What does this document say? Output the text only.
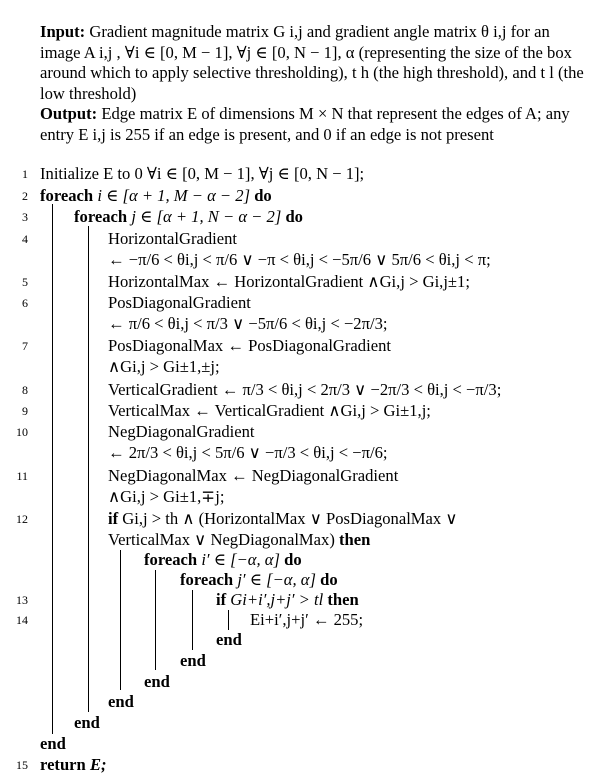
Input: Gradient magnitude matrix G i,j and gradient angle matrix θ i,j for an image A i,j , ∀i ∈ [0, M − 1], ∀j ∈ [0, N − 1], α (representing the size of the box around which to apply selective thresholding), t h (the high threshold), and t l (the low threshold)
Output: Edge matrix E of dimensions M × N that represent the edges of A; any entry E i,j is 255 if an edge is present, and 0 if an edge is not present
1 Initialize E to 0 ∀i ∈ [0, M − 1], ∀j ∈ [0, N − 1];
2 foreach i ∈ [α + 1, M − α − 2] do
3	foreach j ∈ [α + 1, N − α − 2] do
4	HorizontalGradient
← −π/6 < θi,j < π/6 ∨ −π < θi,j < −5π/6 ∨ 5π/6 < θi,j < π;
5	HorizontalMax ← HorizontalGradient ∧Gi,j > Gi,j±1;
6	PosDiagonalGradient
← π/6 < θi,j < π/3 ∨ −5π/6 < θi,j < −2π/3;
7	PosDiagonalMax ← PosDiagonalGradient
∧Gi,j > Gi±1,±j;
8	VerticalGradient ← π/3 < θi,j < 2π/3 ∨ −2π/3 < θi,j < −π/3;
9	VerticalMax ← VerticalGradient ∧Gi,j > Gi±1,j;
10	NegDiagonalGradient
← 2π/3 < θi,j < 5π/6 ∨ −π/3 < θi,j < −π/6;
11	NegDiagonalMax ← NegDiagonalGradient
∧Gi,j > Gi±1,∓j;
12	if Gi,j > th ∧ (HorizontalMax ∨ PosDiagonalMax ∨
VerticalMax ∨ NegDiagonalMax) then
foreach i′ ∈ [−α, α] do
foreach j′ ∈ [−α, α] do
13	if Gi+i′,j+j′ > tl then
14	Ei+i′,j+j′ ← 255;
end
end
end
end
end
end
15 return E;
